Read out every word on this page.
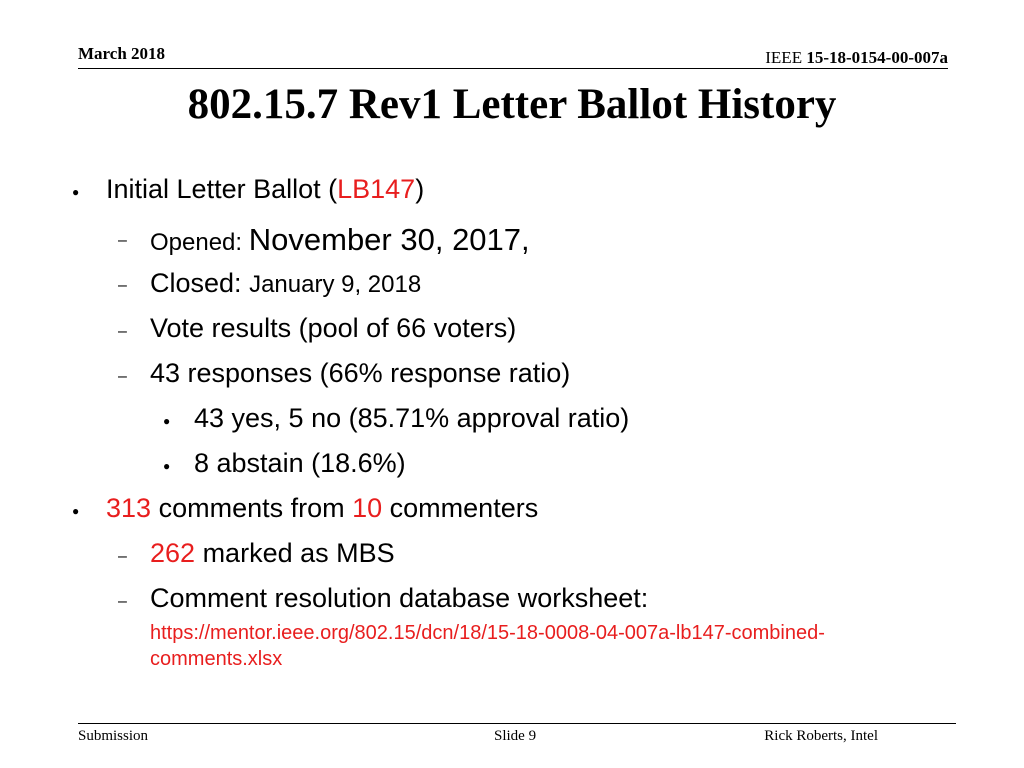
March 2018	IEEE 15-18-0154-00-007a
802.15.7 Rev1 Letter Ballot History
● Initial Letter Ballot (LB147)
– Opened: November 30, 2017,
– Closed: January 9, 2018
– Vote results (pool of 66 voters)
– 43 responses (66% response ratio)
● 43 yes, 5 no (85.71% approval ratio)
● 8 abstain (18.6%)
● 313 comments from 10 commenters
– 262 marked as MBS
– Comment resolution database worksheet:
https://mentor.ieee.org/802.15/dcn/18/15-18-0008-04-007a-lb147-combined-
comments.xlsx
Submission	Slide 9	Rick Roberts, Intel
